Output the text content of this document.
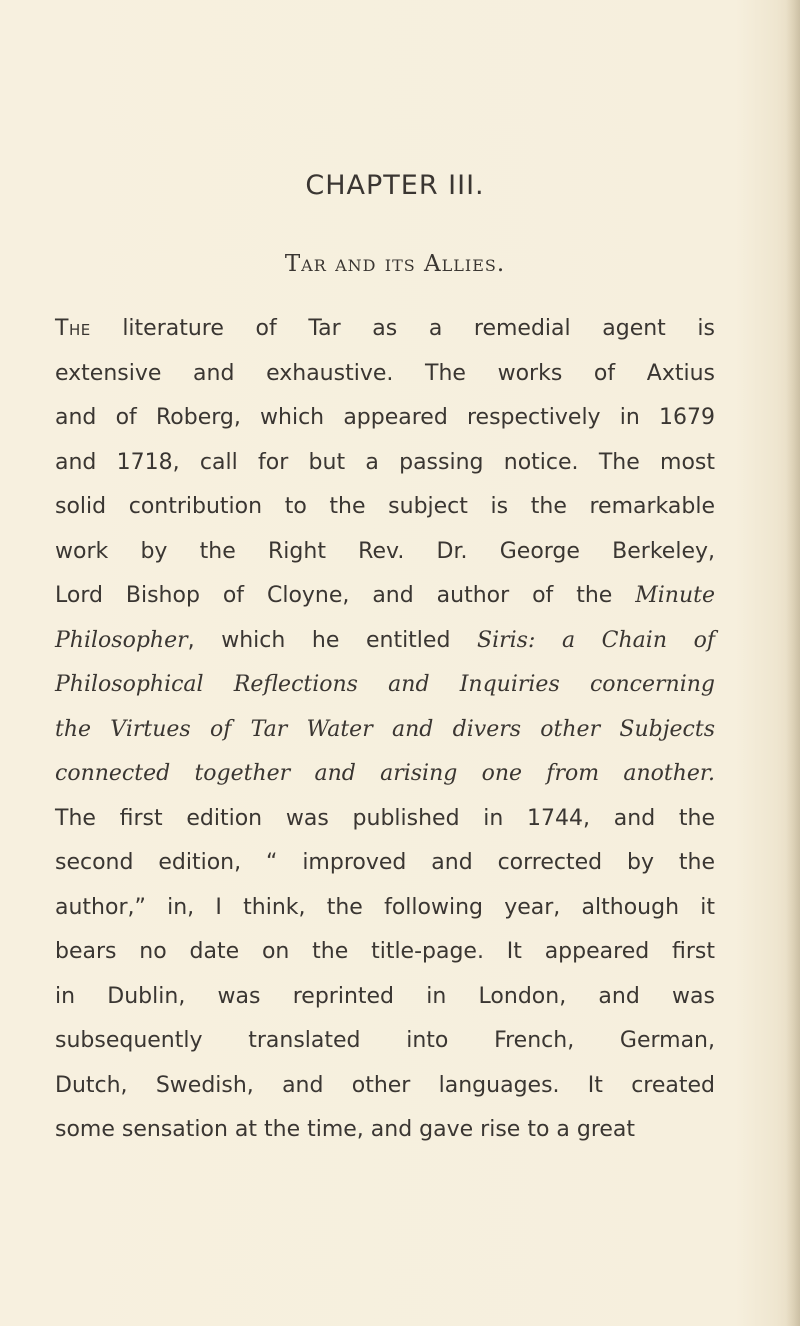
CHAPTER III.
Tar and its Allies.
The literature of Tar as a remedial agent is
extensive and exhaustive. The works of Axtius
and of Roberg, which appeared respectively in 1679
and 1718, call for but a passing notice. The most
solid contribution to the subject is the remarkable
work by the Right Rev. Dr. George Berkeley,
Lord Bishop of Cloyne, and author of the Minute
Philosopher, which he entitled Siris: a Chain of
Philosophical Reflections and Inquiries concerning
the Virtues of Tar Water and divers other Subjects
connected together and arising one from another.
The first edition was published in 1744, and the
second edition, “ improved and corrected by the
author,” in, I think, the following year, although it
bears no date on the title-page. It appeared first
in Dublin, was reprinted in London, and was
subsequently translated into French, German,
Dutch, Swedish, and other languages. It created
some sensation at the time, and gave rise to a great
